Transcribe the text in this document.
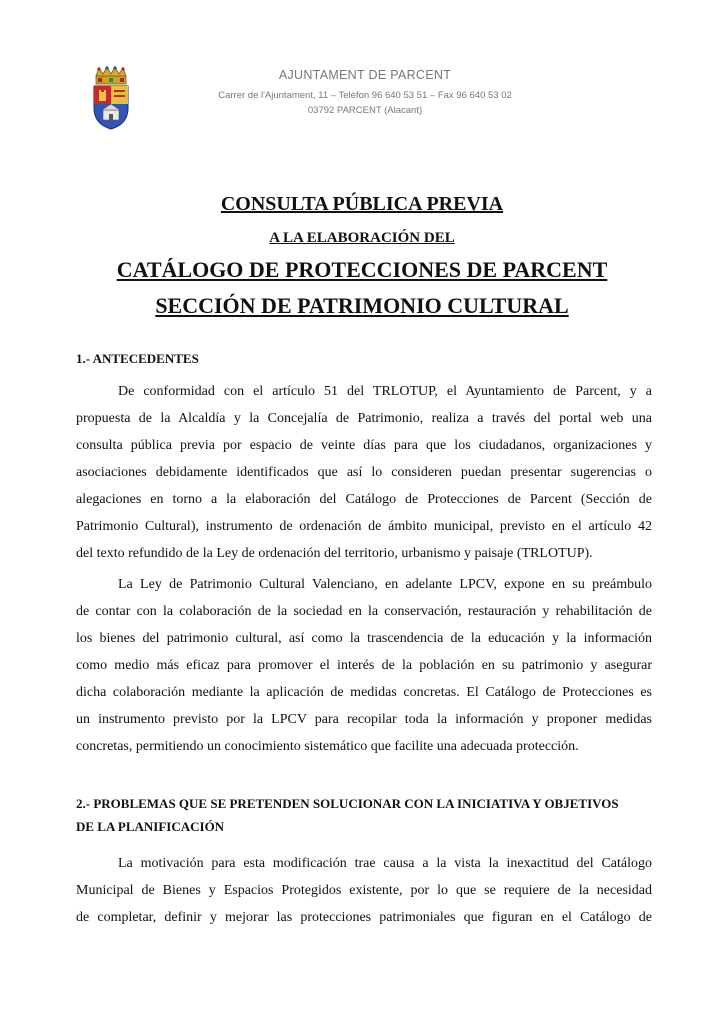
AJUNTAMENT DE PARCENT
Carrer de l'Ajuntament, 11 – Telèfon 96 640 53 51 – Fax 96 640 53 02
03792 PARCENT (Alacant)
CONSULTA PÚBLICA PREVIA
A LA ELABORACIÓN DEL
CATÁLOGO DE PROTECCIONES DE PARCENT
SECCIÓN DE PATRIMONIO CULTURAL
1.- ANTECEDENTES
De conformidad con el artículo 51 del TRLOTUP, el Ayuntamiento de Parcent, y a
propuesta de la Alcaldía y la Concejalía de Patrimonio, realiza a través del portal web una
consulta pública previa por espacio de veinte días para que los ciudadanos, organizaciones y
asociaciones debidamente identificados que así lo consideren puedan presentar sugerencias o
alegaciones en torno a la elaboración del Catálogo de Protecciones de Parcent (Sección de
Patrimonio Cultural), instrumento de ordenación de ámbito municipal, previsto en el artículo 42
del texto refundido de la Ley de ordenación del territorio, urbanismo y paisaje (TRLOTUP).
La Ley de Patrimonio Cultural Valenciano, en adelante LPCV, expone en su preámbulo
de contar con la colaboración de la sociedad en la conservación, restauración y rehabilitación de
los bienes del patrimonio cultural, así como la trascendencia de la educación y la información
como medio más eficaz para promover el interés de la población en su patrimonio y asegurar
dicha colaboración mediante la aplicación de medidas concretas. El Catálogo de Protecciones es
un instrumento previsto por la LPCV para recopilar toda la información y proponer medidas
concretas, permitiendo un conocimiento sistemático que facilite una adecuada protección.
2.- PROBLEMAS QUE SE PRETENDEN SOLUCIONAR CON LA INICIATIVA Y OBJETIVOS
DE LA PLANIFICACIÓN
La motivación para esta modificación trae causa a la vista la inexactitud del Catálogo
Municipal de Bienes y Espacios Protegidos existente, por lo que se requiere de la necesidad
de completar, definir y mejorar las protecciones patrimoniales que figuran en el Catálogo de
